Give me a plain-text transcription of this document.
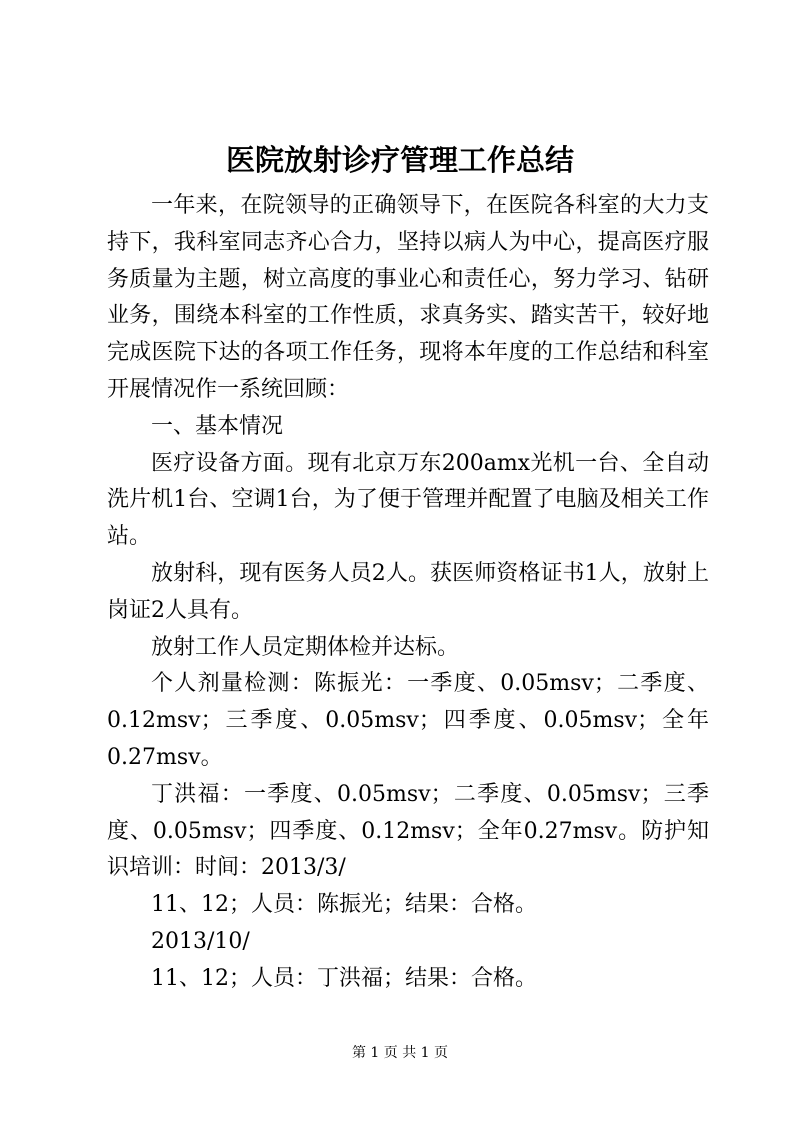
医院放射诊疗管理工作总结

一年来，在院领导的正确领导下，在医院各科室的大力支持下，我科室同志齐心合力，坚持以病人为中心，提高医疗服务质量为主题，树立高度的事业心和责任心，努力学习、钻研业务，围绕本科室的工作性质，求真务实、踏实苦干，较好地完成医院下达的各项工作任务，现将本年度的工作总结和科室开展情况作一系统回顾：

一、基本情况

医疗设备方面。现有北京万东200amx光机一台、全自动洗片机1台、空调1台，为了便于管理并配置了电脑及相关工作站。

放射科，现有医务人员2人。获医师资格证书1人，放射上岗证2人具有。

放射工作人员定期体检并达标。

个人剂量检测：陈振光：一季度、0.05msv；二季度、0.12msv；三季度、0.05msv；四季度、0.05msv；全年0.27msv。

丁洪福：一季度、0.05msv；二季度、0.05msv；三季度、0.05msv；四季度、0.12msv；全年0.27msv。防护知识培训：时间：2013/3/

11、12；人员：陈振光；结果：合格。

2013/10/

11、12；人员：丁洪福；结果：合格。

第 1 页 共 1 页
